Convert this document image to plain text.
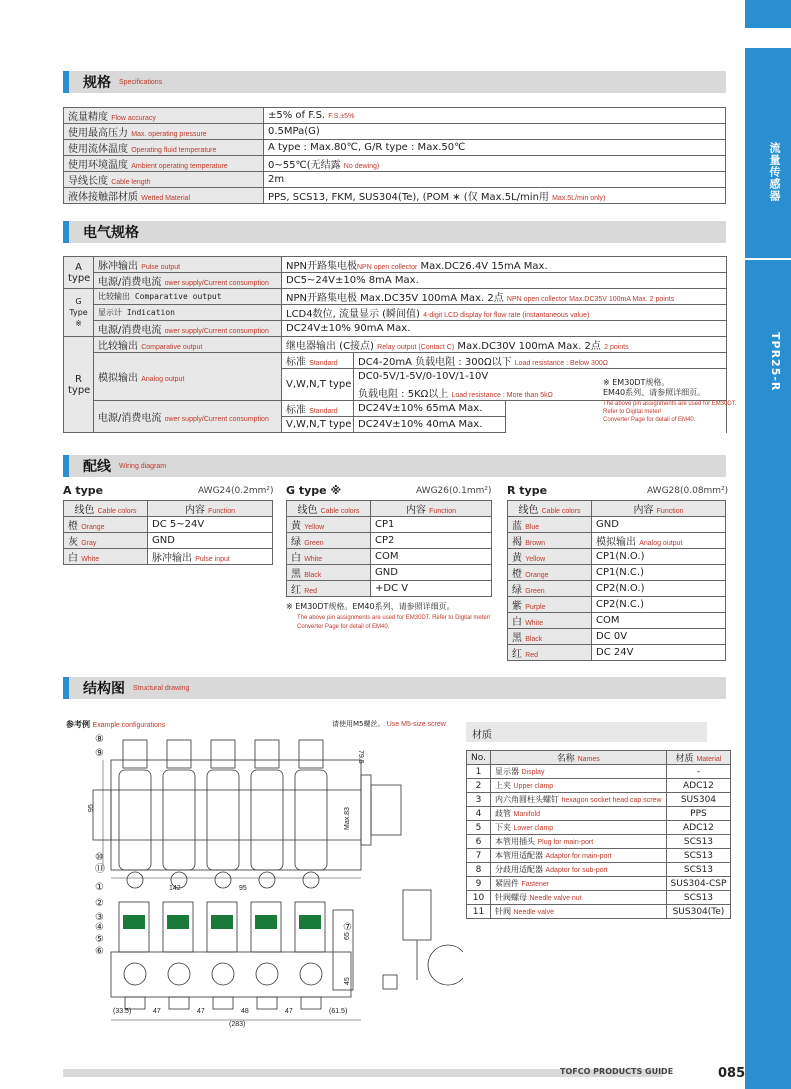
流量传感器
TPR25-R
规格 Specifications
流量精度 Flow accuracy	±5% of F.S. F.S.±5%
使用最高压力 Max. operating pressure	0.5MPa(G)
使用流体温度 Operating fluid temperature	A type : Max.80℃, G/R type : Max.50℃
使用环境温度 Ambient operating temperature	0~55℃(无结露 No dewing)
导线长度 Cable length	2m
液体接触部材质 Wetted Material	PPS, SCS13, FKM, SUS304(Te), (POM ∗ (仅 Max.5L/min用 Max.5L/min only)
电气规格
A
type	脉冲输出 Pulse output	NPN开路集电极NPN open collector Max.DC26.4V 15mA Max.		
	电源/消费电流 ower supply/Current consumption	DC5~24V±10% 8mA Max.		
G
Type
※	比较输出 Comparative output	NPN开路集电极 Max.DC35V 100mA Max. 2点 NPN open collector Max.DC35V 100mA Max. 2 points		
	显示计 Indication	LCD4数位, 流量显示 (瞬间值) 4-digit LCD display for flow rate (instantaneous value)		
	电源/消费电流 ower supply/Current consumption	DC24V±10% 90mA Max.		
R
type	比较输出 Comparative output	继电器输出 (C接点) Relay output (Contact C) Max.DC30V 100mA Max. 2点 2 points		
	模拟输出 Analog output	标准 Standard	DC4-20mA 负载电阻 : 300Ω以下 Load resistance : Below 300Ω	
		V,W,N,T type	DC0-5V/1-5V/0-10V/1-10V	
			负载电阻 : 5KΩ以上 Load resistance : More than 5kΩ	
	电源/消费电流 ower supply/Current consumption	标准 Standard	DC24V±10% 65mA Max.	
		V,W,N,T type	DC24V±10% 40mA Max.	
※ EM30DT规格。
EM40系列、请参照详细页。
The above pin assignments are used for EM30DT.
Refer to Digital meter/
Converter Page for detail of EM40.
配线 Wiring diagram
A type	AWG24(0.2mm²)
线色 Cable colors	内容 Function
橙 Orange	DC 5~24V
灰 Gray	GND
白 White	脉冲输出 Pulse input
G type ※	AWG26(0.1mm²)
线色 Cable colors	内容 Function
黄 Yellow	CP1
绿 Green	CP2
白 White	COM
黑 Black	GND
红 Red	+DC V
※ EM30DT规格。EM40系列、请参照详细页。
The above pin assignments are used for EM30DT. Refer to Digital meter/
Converter Page for detail of EM40.
R type	AWG28(0.08mm²)
线色 Cable colors	内容 Function
蓝 Blue	GND
褐 Brown	模拟输出 Analog output
黄 Yellow	CP1(N.O.)
橙 Orange	CP1(N.C.)
绿 Green	CP2(N.O.)
紫 Purple	CP2(N.C.)
白 White	COM
黑 Black	DC 0V
红 Red	DC 24V
结构图 Structural drawing
参考例 Example configurations	请使用M5螺丝。 Use M5-size screw
95
79.5
Max.83
142	95
65
45
(33.5)	47	47	48	47	(61.5)
(283)
①
②
③
④
⑤
⑥
⑦
⑧
⑨
⑩
⑪
材质
No.	名称 Names	材质 Material
1	显示器 Display	-
2	上夹 Upper clamp	ADC12
3	内六角圆柱头螺钉 hexagon socket head cap screw	SUS304
4	歧管 Manifold	PPS
5	下夹 Lower clamp	ADC12
6	本管用插头 Plug for main-port	SCS13
7	本管用适配器 Adaptor for main-port	SCS13
8	分歧用适配器 Adaptor for sub-port	SCS13
9	紧固件 Fastener	SUS304-CSP
10	针阀螺母 Needle valve nut	SCS13
11	针阀 Needle valve	SUS304(Te)
TOFCO PRODUCTS GUIDE	085
